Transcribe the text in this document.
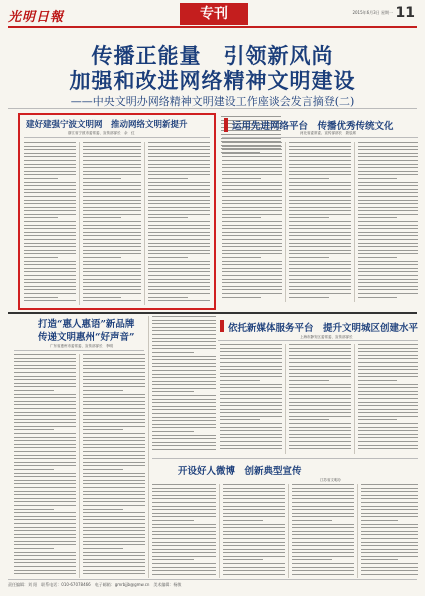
光明日報	专刊	2015年6月3日 星期一 11
传播正能量　引领新风尚
加强和改进网络精神文明建设
——中央文明办网络精神文明建设工作座谈会发言摘登(二)
建好建强宁波文明网　推动网络文明新提升
浙江省宁波市委常委、宣传部部长　余　红
运用先进网络平台　传播优秀传统文化
河北省委常委、宣传部部长　聂辰席
打造“惠人惠语”新品牌
传递文明惠州“好声音”
广东省惠州市委常委、宣传部部长　李明
依托新媒体服务平台　提升文明城区创建水平
上海市静安区委常委、宣传部部长　
开设好人微博　创新典型宣传
江苏省文明办
责任编辑：刘 阳　联系电话：010-67078466　电子邮箱：gmrbjjb@gmw.cn　美术编辑：杨敏
